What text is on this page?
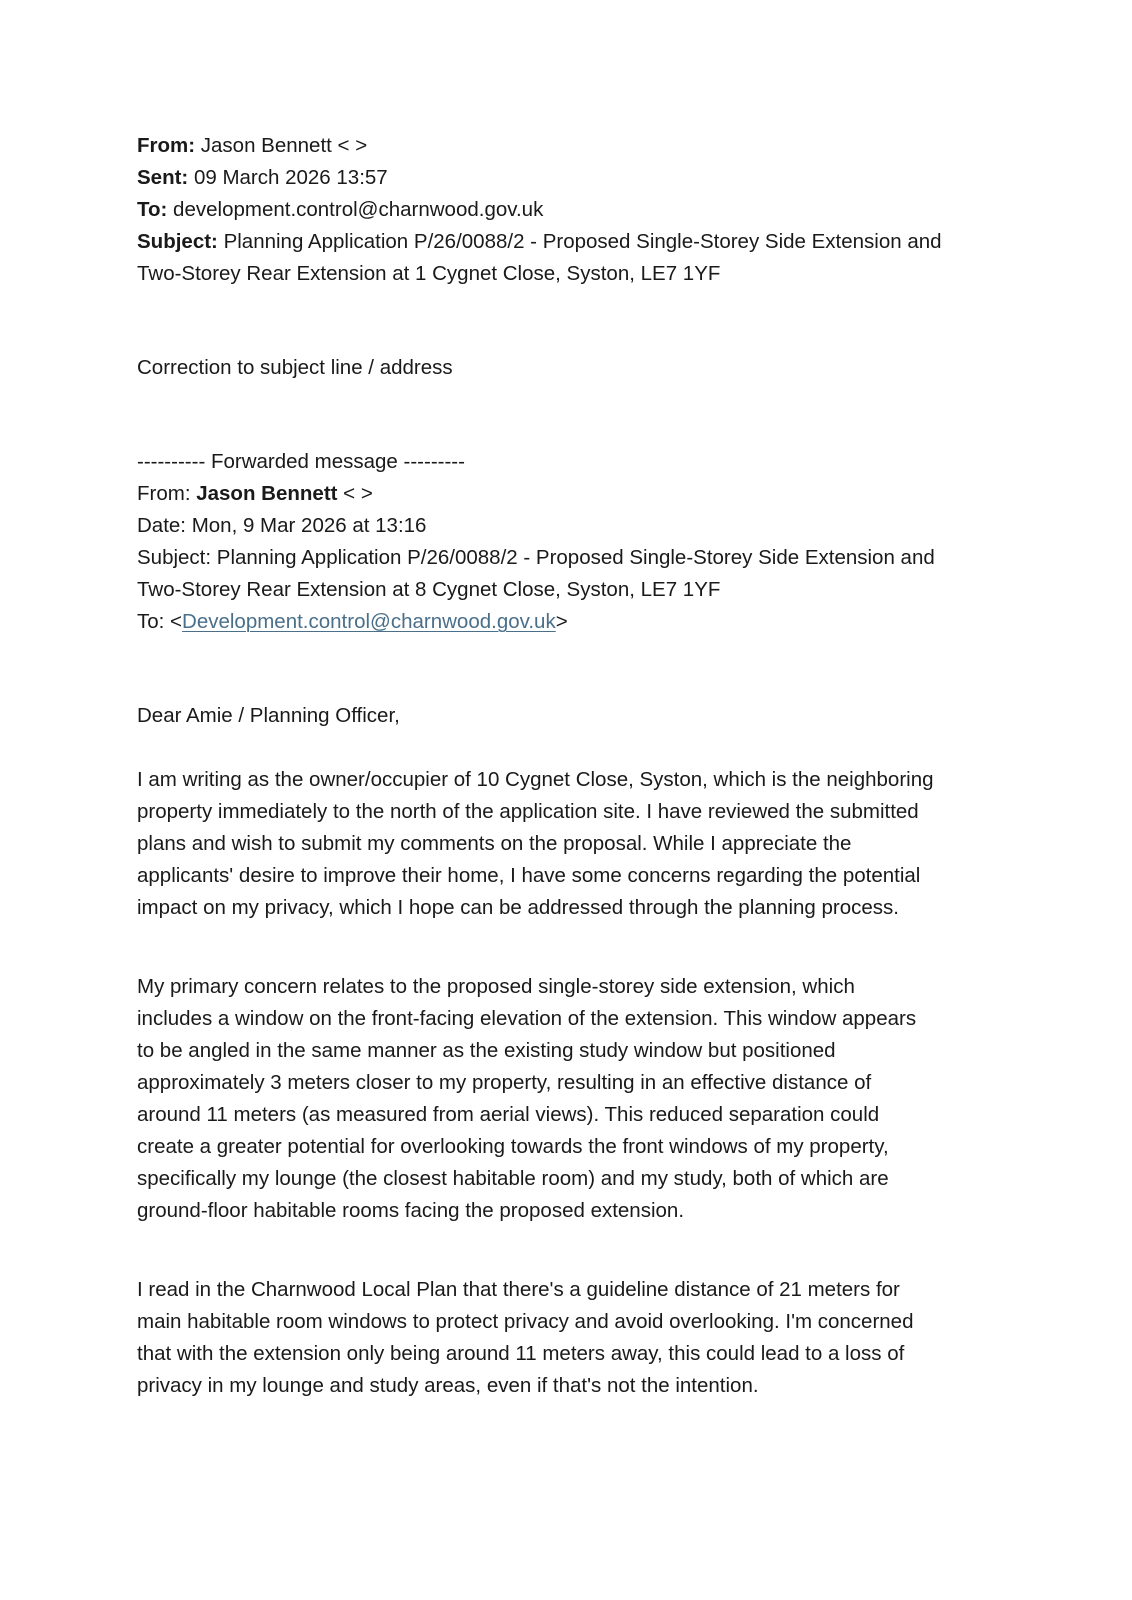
From: Jason Bennett < >
Sent: 09 March 2026 13:57
To: development.control@charnwood.gov.uk
Subject: Planning Application P/26/0088/2 - Proposed Single-Storey Side Extension and
Two-Storey Rear Extension at 1 Cygnet Close, Syston, LE7 1YF
Correction to subject line / address
---------- Forwarded message ---------
From: Jason Bennett < >
Date: Mon, 9 Mar 2026 at 13:16
Subject: Planning Application P/26/0088/2 - Proposed Single-Storey Side Extension and
Two-Storey Rear Extension at 8 Cygnet Close, Syston, LE7 1YF
To: <Development.control@charnwood.gov.uk>
Dear Amie / Planning Officer,
I am writing as the owner/occupier of 10 Cygnet Close, Syston, which is the neighboring
property immediately to the north of the application site. I have reviewed the submitted
plans and wish to submit my comments on the proposal. While I appreciate the
applicants' desire to improve their home, I have some concerns regarding the potential
impact on my privacy, which I hope can be addressed through the planning process.
My primary concern relates to the proposed single-storey side extension, which
includes a window on the front-facing elevation of the extension. This window appears
to be angled in the same manner as the existing study window but positioned
approximately 3 meters closer to my property, resulting in an effective distance of
around 11 meters (as measured from aerial views). This reduced separation could
create a greater potential for overlooking towards the front windows of my property,
specifically my lounge (the closest habitable room) and my study, both of which are
ground-floor habitable rooms facing the proposed extension.
I read in the Charnwood Local Plan that there's a guideline distance of 21 meters for
main habitable room windows to protect privacy and avoid overlooking. I'm concerned
that with the extension only being around 11 meters away, this could lead to a loss of
privacy in my lounge and study areas, even if that's not the intention.
